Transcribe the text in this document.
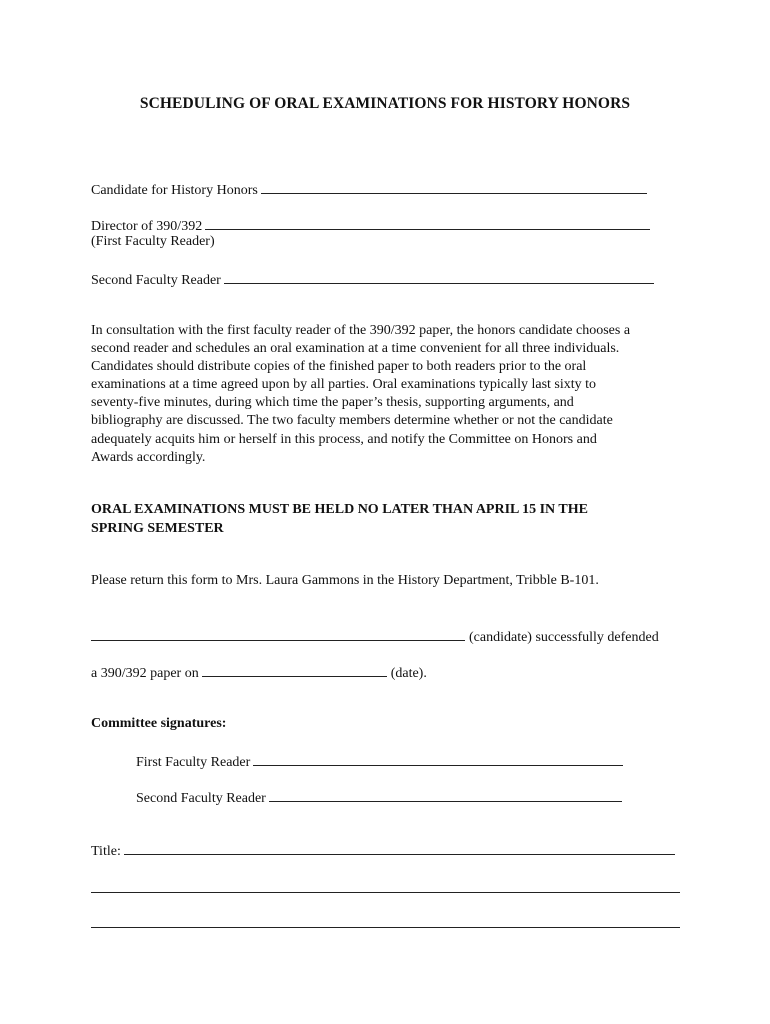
SCHEDULING OF ORAL EXAMINATIONS FOR HISTORY HONORS
Candidate for History Honors
Director of 390/392
(First Faculty Reader)
Second Faculty Reader
In consultation with the first faculty reader of the 390/392 paper, the honors candidate chooses a
second reader and schedules an oral examination at a time convenient for all three individuals.
Candidates should distribute copies of the finished paper to both readers prior to the oral
examinations at a time agreed upon by all parties. Oral examinations typically last sixty to
seventy-five minutes, during which time the paper’s thesis, supporting arguments, and
bibliography are discussed. The two faculty members determine whether or not the candidate
adequately acquits him or herself in this process, and notify the Committee on Honors and
Awards accordingly.
ORAL EXAMINATIONS MUST BE HELD NO LATER THAN APRIL 15 IN THE
SPRING SEMESTER
Please return this form to Mrs. Laura Gammons in the History Department, Tribble B-101.
(candidate) successfully defended
a 390/392 paper on	(date).
Committee signatures:
First Faculty Reader
Second Faculty Reader
Title:
